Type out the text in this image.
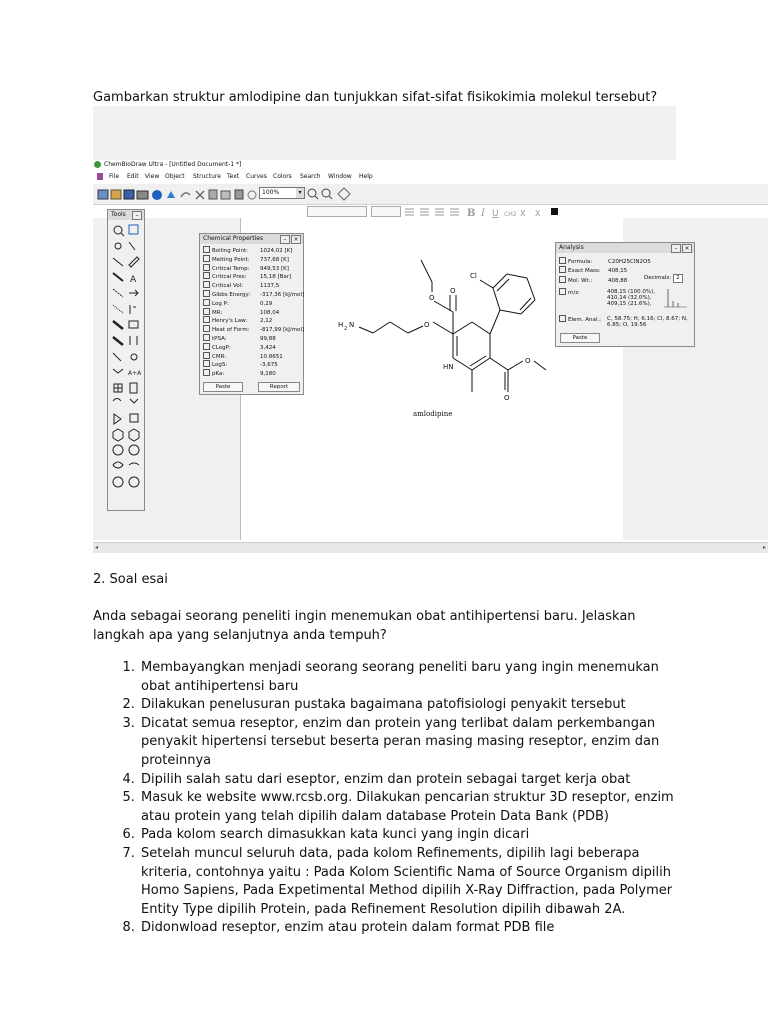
Gambarkan struktur amlodipine dan tunjukkan sifat-sifat fisikokimia molekul tersebut?
ChemBioDraw Ultra - [Untitled Document-1 *]
File Edit View Object Structure Text Curves Colors Search Window Help
100%	▾
B I U CH2 X X
◂	▸
Tools	–
A
A+A
Chemical Properties	–	×
Boiling Point: 1024,02 [K]
Melting Point: 737,68 [K]
Critical Temp: 949,53 [K]
Critical Pres: 15,18 [Bar]
Critical Vol:	1137,5
Gibbs Energy: -317,36 [kJ/mol]
Log P:	0,29
MR:	108,04
Henry's Law: 2,12
Heat of Form: -817,99 [kJ/mol]
tPSA:	99,88
CLogP:	3,424
CMR:	10.8651
LogS:	-3,675
pKa:	9,180
Paste	Report
Cl
O
O
O
HN
O
O
H 2 N
amlodipine
Analysis	–	×
Formula:	C20H25ClN2O5
Exact Mass: 408,15
Decimals: 2
Mol. Wt.:	408,88
m/z:	408,15 (100.0%),
410,14 (32.0%),
409,15 (21.6%),
Elem. Anal.:	C, 58.75; H, 6.16; Cl, 8.67; N,
6.85; O, 19.56
Paste
2. Soal esai
Anda sebagai seorang peneliti ingin menemukan obat antihipertensi baru. Jelaskan
langkah apa yang selanjutnya anda tempuh?
1. Membayangkan menjadi seorang seorang peneliti baru yang ingin menemukan
obat antihipertensi baru
2. Dilakukan penelusuran pustaka bagaimana patofisiologi penyakit tersebut
3. Dicatat semua reseptor, enzim dan protein yang terlibat dalam perkembangan
penyakit hipertensi tersebut beserta peran masing masing reseptor, enzim dan
proteinnya
4. Dipilih salah satu dari eseptor, enzim dan protein sebagai target kerja obat
5. Masuk ke website www.rcsb.org. Dilakukan pencarian struktur 3D reseptor, enzim
atau protein yang telah dipilih dalam database Protein Data Bank (PDB)
6. Pada kolom search dimasukkan kata kunci yang ingin dicari
7. Setelah muncul seluruh data, pada kolom Refinements, dipilih lagi beberapa
kriteria, contohnya yaitu : Pada Kolom Scientific Nama of Source Organism dipilih
Homo Sapiens, Pada Expetimental Method dipilih X-Ray Diffraction, pada Polymer
Entity Type dipilih Protein, pada Refinement Resolution dipilih dibawah 2A.
8. Didonwload reseptor, enzim atau protein dalam format PDB file
